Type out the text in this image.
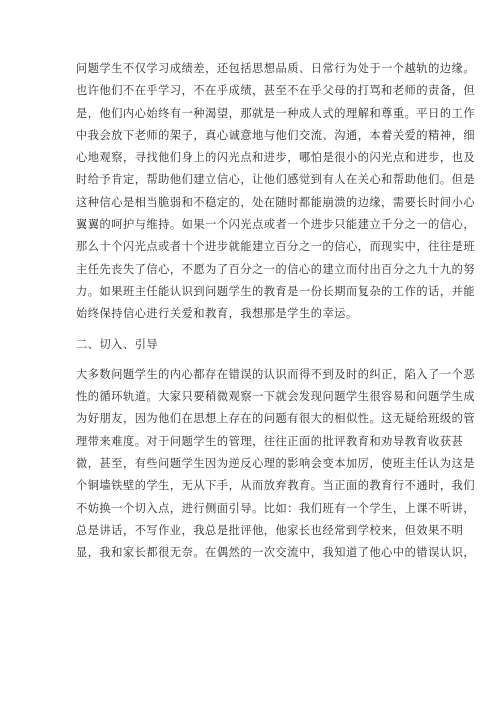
问题学生不仅学习成绩差，还包括思想品质、日常行为处于一个越轨的边缘。
也许他们不在乎学习，不在乎成绩，甚至不在乎父母的打骂和老师的责备，但
是，他们内心始终有一种渴望，那就是一种成人式的理解和尊重。平日的工作
中我会放下老师的架子，真心诚意地与他们交流、沟通，本着关爱的精神，细
心地观察，寻找他们身上的闪光点和进步，哪怕是很小的闪光点和进步，也及
时给予肯定，帮助他们建立信心，让他们感觉到有人在关心和帮助他们。但是
这种信心是相当脆弱和不稳定的，处在随时都能崩溃的边缘，需要长时间小心
翼翼的呵护与维持。如果一个闪光点或者一个进步只能建立千分之一的信心，
那么十个闪光点或者十个进步就能建立百分之一的信心，而现实中，往往是班
主任先丧失了信心，不愿为了百分之一的信心的建立而付出百分之九十九的努
力。如果班主任能认识到问题学生的教育是一份长期而复杂的工作的话，并能
始终保持信心进行关爱和教育，我想那是学生的幸运。
二、切入、引导
大多数问题学生的内心都存在错误的认识而得不到及时的纠正，陷入了一个恶
性的循环轨道。大家只要稍微观察一下就会发现问题学生很容易和问题学生成
为好朋友，因为他们在思想上存在的问题有很大的相似性。这无疑给班级的管
理带来难度。对于问题学生的管理，往往正面的批评教育和劝导教育收获甚
微，甚至，有些问题学生因为逆反心理的影响会变本加厉，使班主任认为这是
个铜墙铁壁的学生，无从下手，从而放弃教育。当正面的教育行不通时，我们
不妨换一个切入点，进行侧面引导。比如：我们班有一个学生，上课不听讲，
总是讲话，不写作业，我总是批评他，他家长也经常到学校来，但效果不明
显，我和家长都很无奈。在偶然的一次交流中，我知道了他心中的错误认识，
